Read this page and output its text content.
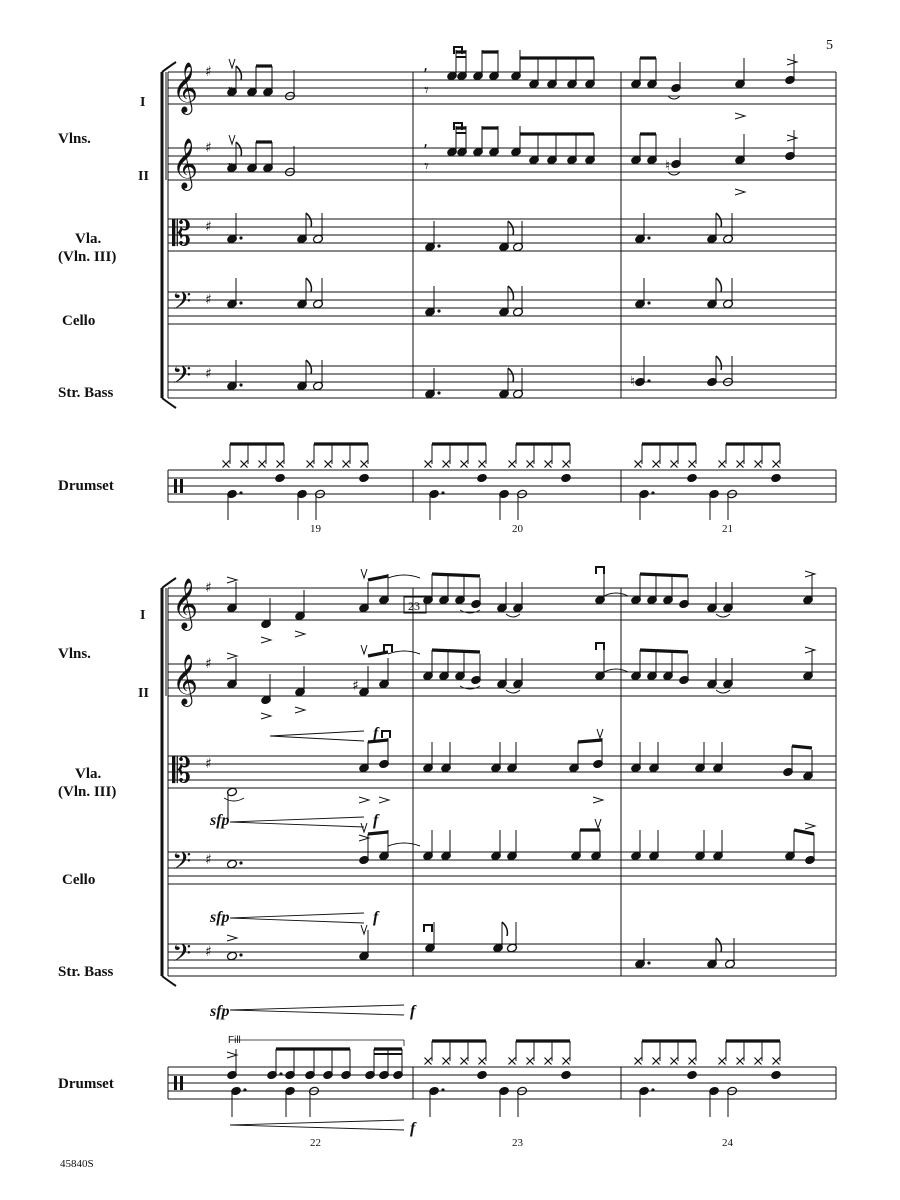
5
45840S
𝄞 ♯
𝄞 ♯
𝄡 ♯
𝄢 ♯
𝄢 ♯
𝄞 ♯
𝄞 ♯
𝄡 ♯
𝄢 ♯
𝄢 ♯
,
𝄾
,
𝄾	♮
♮
♯
I
Vlns.
II
Vla.
(Vln. III)
Cello
Str. Bass
Drumset
19	20	21
I
Vlns.
II
Vla.
(Vln. III)
Cello
Str. Bass
Drumset
22	23	24
23
sfp
sfp
sfp
f
f
f
f
f
Fill
